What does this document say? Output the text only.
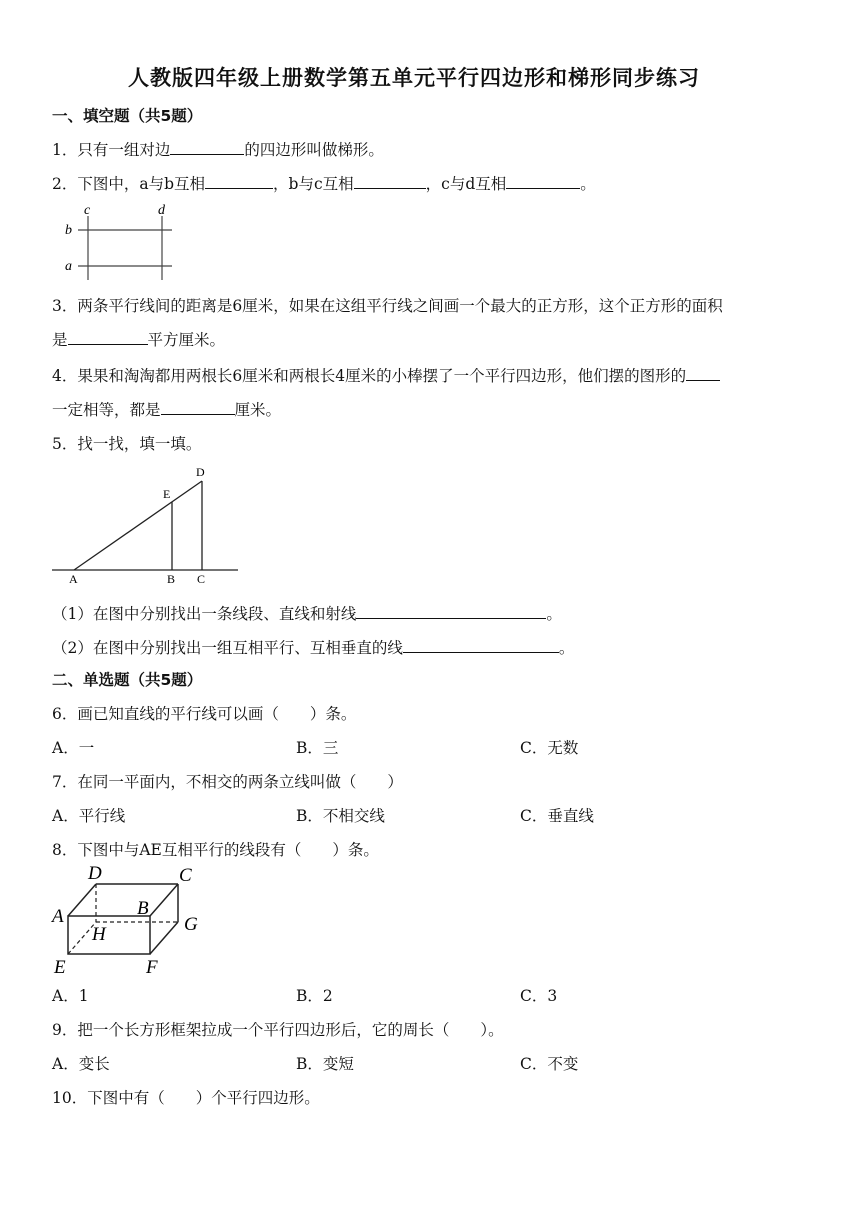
人教版四年级上册数学第五单元平行四边形和梯形同步练习
一、填空题（共5题）
1．只有一组对边	的四边形叫做梯形。
2．下图中，a与b互相	，b与c互相	，c与d互相	。
c	d
b
a
3．两条平行线间的距离是6厘米，如果在这组平行线之间画一个最大的正方形，这个正方形的面积
是	平方厘米。
4．果果和淘淘都用两根长6厘米和两根长4厘米的小棒摆了一个平行四边形，他们摆的图形的
一定相等，都是	厘米。
5．找一找，填一填。
D
E
A	B C
（1）在图中分别找出一条线段、直线和射线	。
（2）在图中分别找出一组互相平行、互相垂直的线	。
二、单选题（共5题）
6．画已知直线的平行线可以画（　　）条。
A．一	B．三	C．无数
7．在同一平面内，不相交的两条立线叫做（　　）
A．平行线	B．不相交线	C．垂直线
8．下图中与AE互相平行的线段有（　　）条。
D	C
A	B
G
H
E	F
A．1	B．2	C．3
9．把一个长方形框架拉成一个平行四边形后，它的周长（　　）。
A．变长	B．变短	C．不变
10．下图中有（　　）个平行四边形。
